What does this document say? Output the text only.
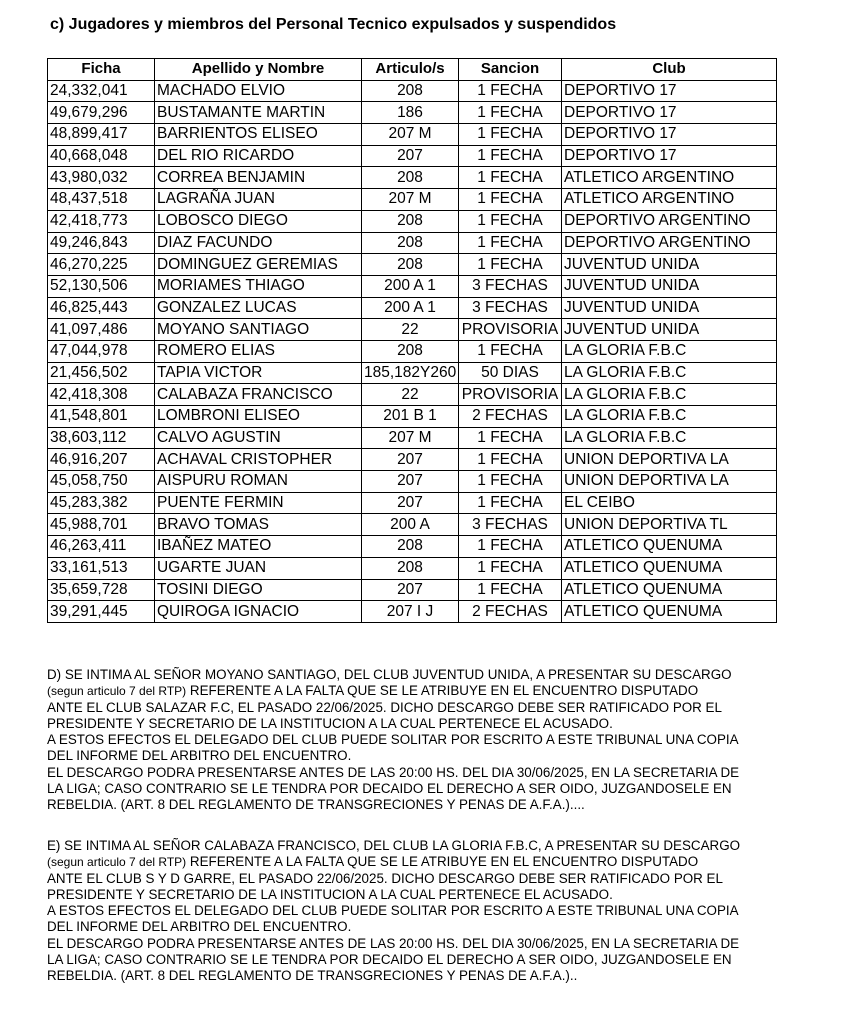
c) Jugadores y miembros del Personal Tecnico expulsados y suspendidos
Ficha	Apellido y Nombre	Articulo/s	Sancion	Club
24,332,041	MACHADO ELVIO	208	1 FECHA	DEPORTIVO 17
49,679,296	BUSTAMANTE MARTIN	186	1 FECHA	DEPORTIVO 17
48,899,417	BARRIENTOS ELISEO	207 M	1 FECHA	DEPORTIVO 17
40,668,048	DEL RIO RICARDO	207	1 FECHA	DEPORTIVO 17
43,980,032	CORREA BENJAMIN	208	1 FECHA	ATLETICO ARGENTINO
48,437,518	LAGRAÑA JUAN	207 M	1 FECHA	ATLETICO ARGENTINO
42,418,773	LOBOSCO DIEGO	208	1 FECHA	DEPORTIVO ARGENTINO
49,246,843	DIAZ FACUNDO	208	1 FECHA	DEPORTIVO ARGENTINO
46,270,225	DOMINGUEZ GEREMIAS	208	1 FECHA	JUVENTUD UNIDA
52,130,506	MORIAMES THIAGO	200 A 1	3 FECHAS	JUVENTUD UNIDA
46,825,443	GONZALEZ LUCAS	200 A 1	3 FECHAS	JUVENTUD UNIDA
41,097,486	MOYANO SANTIAGO	22	PROVISORIA	JUVENTUD UNIDA
47,044,978	ROMERO ELIAS	208	1 FECHA	LA GLORIA F.B.C
21,456,502	TAPIA VICTOR	185,182Y260	50 DIAS	LA GLORIA F.B.C
42,418,308	CALABAZA FRANCISCO	22	PROVISORIA	LA GLORIA F.B.C
41,548,801	LOMBRONI ELISEO	201 B 1	2 FECHAS	LA GLORIA F.B.C
38,603,112	CALVO AGUSTIN	207 M	1 FECHA	LA GLORIA F.B.C
46,916,207	ACHAVAL CRISTOPHER	207	1 FECHA	UNION DEPORTIVA LA
45,058,750	AISPURU ROMAN	207	1 FECHA	UNION DEPORTIVA LA
45,283,382	PUENTE FERMIN	207	1 FECHA	EL CEIBO
45,988,701	BRAVO TOMAS	200 A	3 FECHAS	UNION DEPORTIVA TL
46,263,411	IBAÑEZ MATEO	208	1 FECHA	ATLETICO QUENUMA
33,161,513	UGARTE JUAN	208	1 FECHA	ATLETICO QUENUMA
35,659,728	TOSINI DIEGO	207	1 FECHA	ATLETICO QUENUMA
39,291,445	QUIROGA IGNACIO	207 I J	2 FECHAS	ATLETICO QUENUMA

D) SE INTIMA AL SEÑOR MOYANO SANTIAGO, DEL CLUB JUVENTUD UNIDA, A PRESENTAR SU DESCARGO

(segun articulo 7 del RTP) REFERENTE A LA FALTA QUE SE LE ATRIBUYE EN EL ENCUENTRO DISPUTADO

ANTE EL CLUB SALAZAR F.C, EL PASADO 22/06/2025. DICHO DESCARGO DEBE SER RATIFICADO POR EL

PRESIDENTE Y SECRETARIO DE LA INSTITUCION A LA CUAL PERTENECE EL ACUSADO.

A ESTOS EFECTOS EL DELEGADO DEL CLUB PUEDE SOLITAR POR ESCRITO A ESTE TRIBUNAL UNA COPIA

DEL INFORME DEL ARBITRO DEL ENCUENTRO.

EL DESCARGO PODRA PRESENTARSE ANTES DE LAS 20:00 HS. DEL DIA 30/06/2025, EN LA SECRETARIA DE

LA LIGA; CASO CONTRARIO SE LE TENDRA POR DECAIDO EL DERECHO A SER OIDO, JUZGANDOSELE EN

REBELDIA. (ART. 8 DEL REGLAMENTO DE TRANSGRECIONES Y PENAS DE A.F.A.)....

E) SE INTIMA AL SEÑOR CALABAZA FRANCISCO, DEL CLUB LA GLORIA F.B.C, A PRESENTAR SU DESCARGO

(segun articulo 7 del RTP) REFERENTE A LA FALTA QUE SE LE ATRIBUYE EN EL ENCUENTRO DISPUTADO

ANTE EL CLUB S Y D GARRE, EL PASADO 22/06/2025. DICHO DESCARGO DEBE SER RATIFICADO POR EL

PRESIDENTE Y SECRETARIO DE LA INSTITUCION A LA CUAL PERTENECE EL ACUSADO.

A ESTOS EFECTOS EL DELEGADO DEL CLUB PUEDE SOLITAR POR ESCRITO A ESTE TRIBUNAL UNA COPIA

DEL INFORME DEL ARBITRO DEL ENCUENTRO.

EL DESCARGO PODRA PRESENTARSE ANTES DE LAS 20:00 HS. DEL DIA 30/06/2025, EN LA SECRETARIA DE

LA LIGA; CASO CONTRARIO SE LE TENDRA POR DECAIDO EL DERECHO A SER OIDO, JUZGANDOSELE EN

REBELDIA. (ART. 8 DEL REGLAMENTO DE TRANSGRECIONES Y PENAS DE A.F.A.)..
